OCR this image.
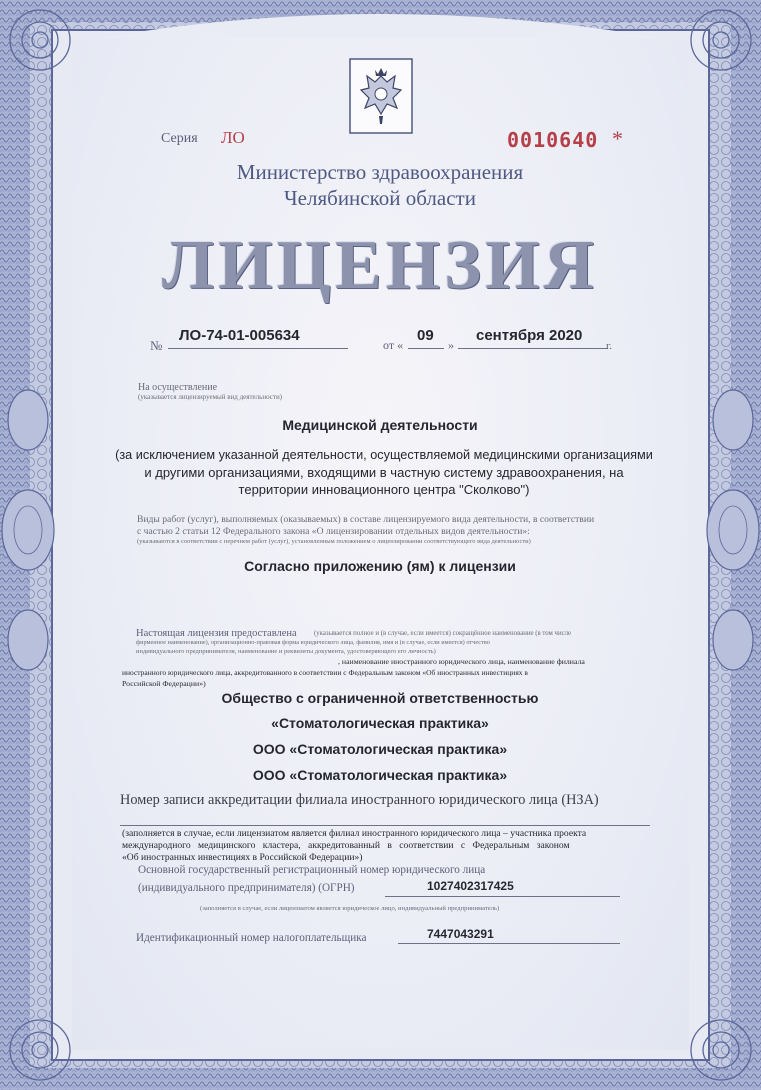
Серия ЛО	0010640 *

Министерство здравоохранения

Челябинской области

ЛИЦЕНЗИЯ

№

ЛО-74-01-005634

от «

09

»

сентября 2020

г.

На осуществление

(указывается лицензируемый вид деятельности)

Медицинской деятельности

(за исключением указанной деятельности, осуществляемой медицинскими организациями

и другими организациями, входящими в частную систему здравоохранения, на

территории инновационного центра "Сколково")

Виды работ (услуг), выполняемых (оказываемых) в составе лицензируемого вида деятельности, в соответствии

с частью 2 статьи 12 Федерального закона «О лицензировании отдельных видов деятельности»:

(указываются в соответствии с перечнем работ (услуг), установленным положением о лицензировании соответствующего вида деятельности)

Согласно приложению (ям) к лицензии

Настоящая лицензия предоставлена	(указывается полное и (в случае, если имеется) сокращённое наименование (в том числе

фирменное наименование), организационно-правовая форма юридического лица, фамилия, имя и (в случае, если имеется) отчество

индивидуального предпринимателя, наименование и реквизиты документа, удостоверяющего его личность)

, наименование иностранного юридического лица, наименование филиала

иностранного юридического лица, аккредитованного в соответствии с Федеральным законом «Об иностранных инвестициях в

Российской Федерации»)

Общество с ограниченной ответственностью

«Стоматологическая практика»

ООО «Стоматологическая практика»

ООО «Стоматологическая практика»

Номер записи аккредитации филиала иностранного юридического лица (НЗА)

(заполняется в случае, если лицензиатом является филиал иностранного юридического лица – участника проекта

международного медицинского кластера, аккредитованный в соответствии с Федеральным законом

«Об иностранных инвестициях в Российской Федерации»)

Основной государственный регистрационный номер юридического лица

(индивидуального предпринимателя) (ОГРН)	1027402317425

(заполняется в случае, если лицензиатом является юридическое лицо, индивидуальный предприниматель)

Идентификационный номер налогоплательщика	7447043291
